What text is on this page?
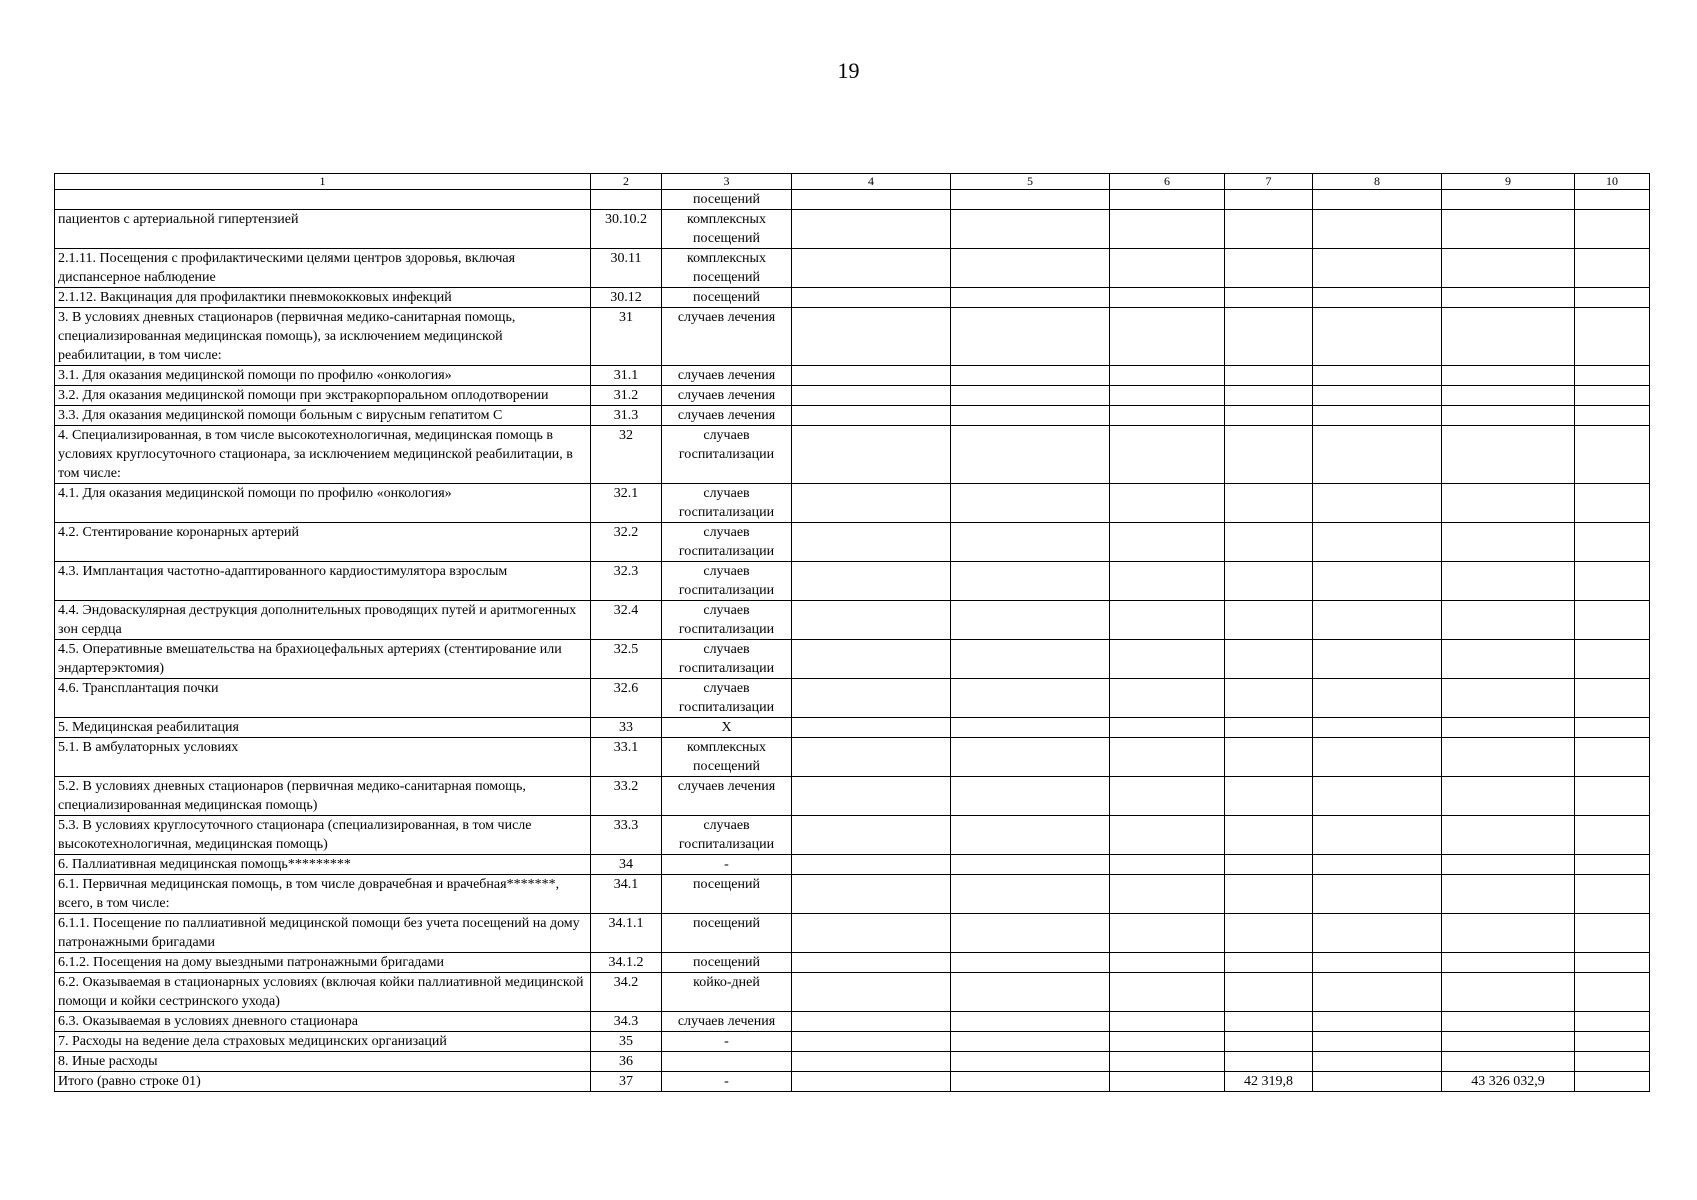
19
1	2	3	4	5	6	7	8	9	10
		посещений							
пациентов с артериальной гипертензией	30.10.2	комплексных посещений							
2.1.11. Посещения с профилактическими целями центров здоровья, включая диспансерное наблюдение	30.11	комплексных посещений							
2.1.12. Вакцинация для профилактики пневмококковых инфекций	30.12	посещений							
3. В условиях дневных стационаров (первичная медико-санитарная помощь, специализированная медицинская помощь), за исключением медицинской реабилитации, в том числе:	31	случаев лечения							
3.1. Для оказания медицинской помощи по профилю «онкология»	31.1	случаев лечения							
3.2. Для оказания медицинской помощи при экстракорпоральном оплодотворении	31.2	случаев лечения							
3.3. Для оказания медицинской помощи больным с вирусным гепатитом С	31.3	случаев лечения							
4. Специализированная, в том числе высокотехнологичная, медицинская помощь в условиях круглосуточного стационара, за исключением медицинской реабилитации, в том числе:	32	случаев госпитализации							
4.1. Для оказания медицинской помощи по профилю «онкология»	32.1	случаев госпитализации							
4.2. Стентирование коронарных артерий	32.2	случаев госпитализации							
4.3. Имплантация частотно-адаптированного кардиостимулятора взрослым	32.3	случаев госпитализации							
4.4. Эндоваскулярная деструкция дополнительных проводящих путей и аритмогенных зон сердца	32.4	случаев госпитализации							
4.5. Оперативные вмешательства на брахиоцефальных артериях (стентирование или эндартерэктомия)	32.5	случаев госпитализации							
4.6. Трансплантация почки	32.6	случаев госпитализации							
5. Медицинская реабилитация	33	Х							
5.1. В амбулаторных условиях	33.1	комплексных посещений							
5.2. В условиях дневных стационаров (первичная медико-санитарная помощь, специализированная медицинская помощь)	33.2	случаев лечения							
5.3. В условиях круглосуточного стационара (специализированная, в том числе высокотехнологичная, медицинская помощь)	33.3	случаев госпитализации							
6. Паллиативная медицинская помощь*********	34	-							
6.1. Первичная медицинская помощь, в том числе доврачебная и врачебная*******, всего, в том числе:	34.1	посещений							
6.1.1. Посещение по паллиативной медицинской помощи без учета посещений на дому патронажными бригадами	34.1.1	посещений							
6.1.2. Посещения на дому выездными патронажными бригадами	34.1.2	посещений							
6.2. Оказываемая в стационарных условиях (включая койки паллиативной медицинской помощи и койки сестринского ухода)	34.2	койко-дней							
6.3. Оказываемая в условиях дневного стационара	34.3	случаев лечения							
7. Расходы на ведение дела страховых медицинских организаций	35	-							
8. Иные расходы	36								
Итого (равно строке 01)	37	-				42 319,8		43 326 032,9	
